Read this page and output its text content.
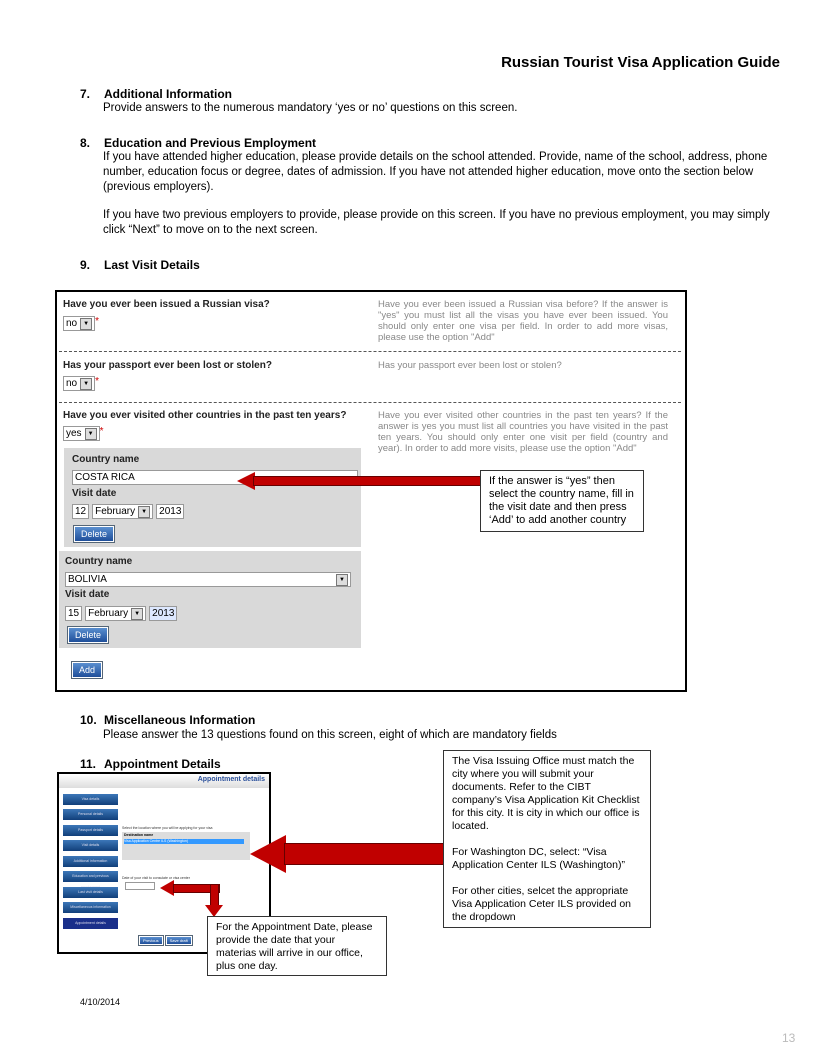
Russian Tourist Visa Application Guide
7. Additional Information
Provide answers to the numerous mandatory ‘yes or no’ questions on this screen.
8. Education and Previous Employment
If you have attended higher education, please provide details on the school attended. Provide, name of the school, address, phone number, education focus or degree, dates of admission. If you have not attended higher education, move onto the section below (previous employers).
If you have two previous employers to provide, please provide on this screen. If you have no previous employment, you may simply click “Next” to move on to the next screen.
9. Last Visit Details
Have you ever been issued a Russian visa?
no	▼ *
Have you ever been issued a Russian visa before? If the answer is "yes" you must list all the visas you have ever been issued. You should only enter one visa per field. In order to add more visas, please use the option "Add"
Has your passport ever been lost or stolen?
no	▼ *
Has your passport ever been lost or stolen?
Have you ever visited other countries in the past ten years?
yes	▼ *
Have you ever visited other countries in the past ten years? If the answer is yes you must list all countries you have visited in the past ten years. You should only enter one visit per field (country and year). In order to add more visits, please use the option "Add"
Country name
COSTA RICA
Visit date
12 February	▼	2013
Delete
Country name
BOLIVIA	▼
Visit date
15 February	▼	2013
Delete
Add
If the answer is “yes” then select the country name, fill in the visit date and then press ‘Add’ to add another country
10. Miscellaneous Information
Please answer the 13 questions found on this screen, eight of which are mandatory fields
11. Appointment Details
Appointment details
Visa details
Personal details
Passport details
Visit details
Additional information
Education and previous
Last visit details
Miscellaneous information
Appointment details
Select the location where you will be applying for your visa
Destination name
Visa Application Centre ILS (Washington)
Date of your visit to consulate or visa center
Previous	Save draft
The Visa Issuing Office must match the city where you will submit your documents. Refer to the CIBT company’s Visa Application Kit Checklist for this city. It is city in which our office is located.

For Washington DC, select: “Visa Application Center ILS (Washington)”

For other cities, selcet the appropriate Visa Application Ceter ILS provided on the dropdown
For the Appointment Date, please provide the date that your materias will arrive in our office, plus one day.
4/10/2014
13
